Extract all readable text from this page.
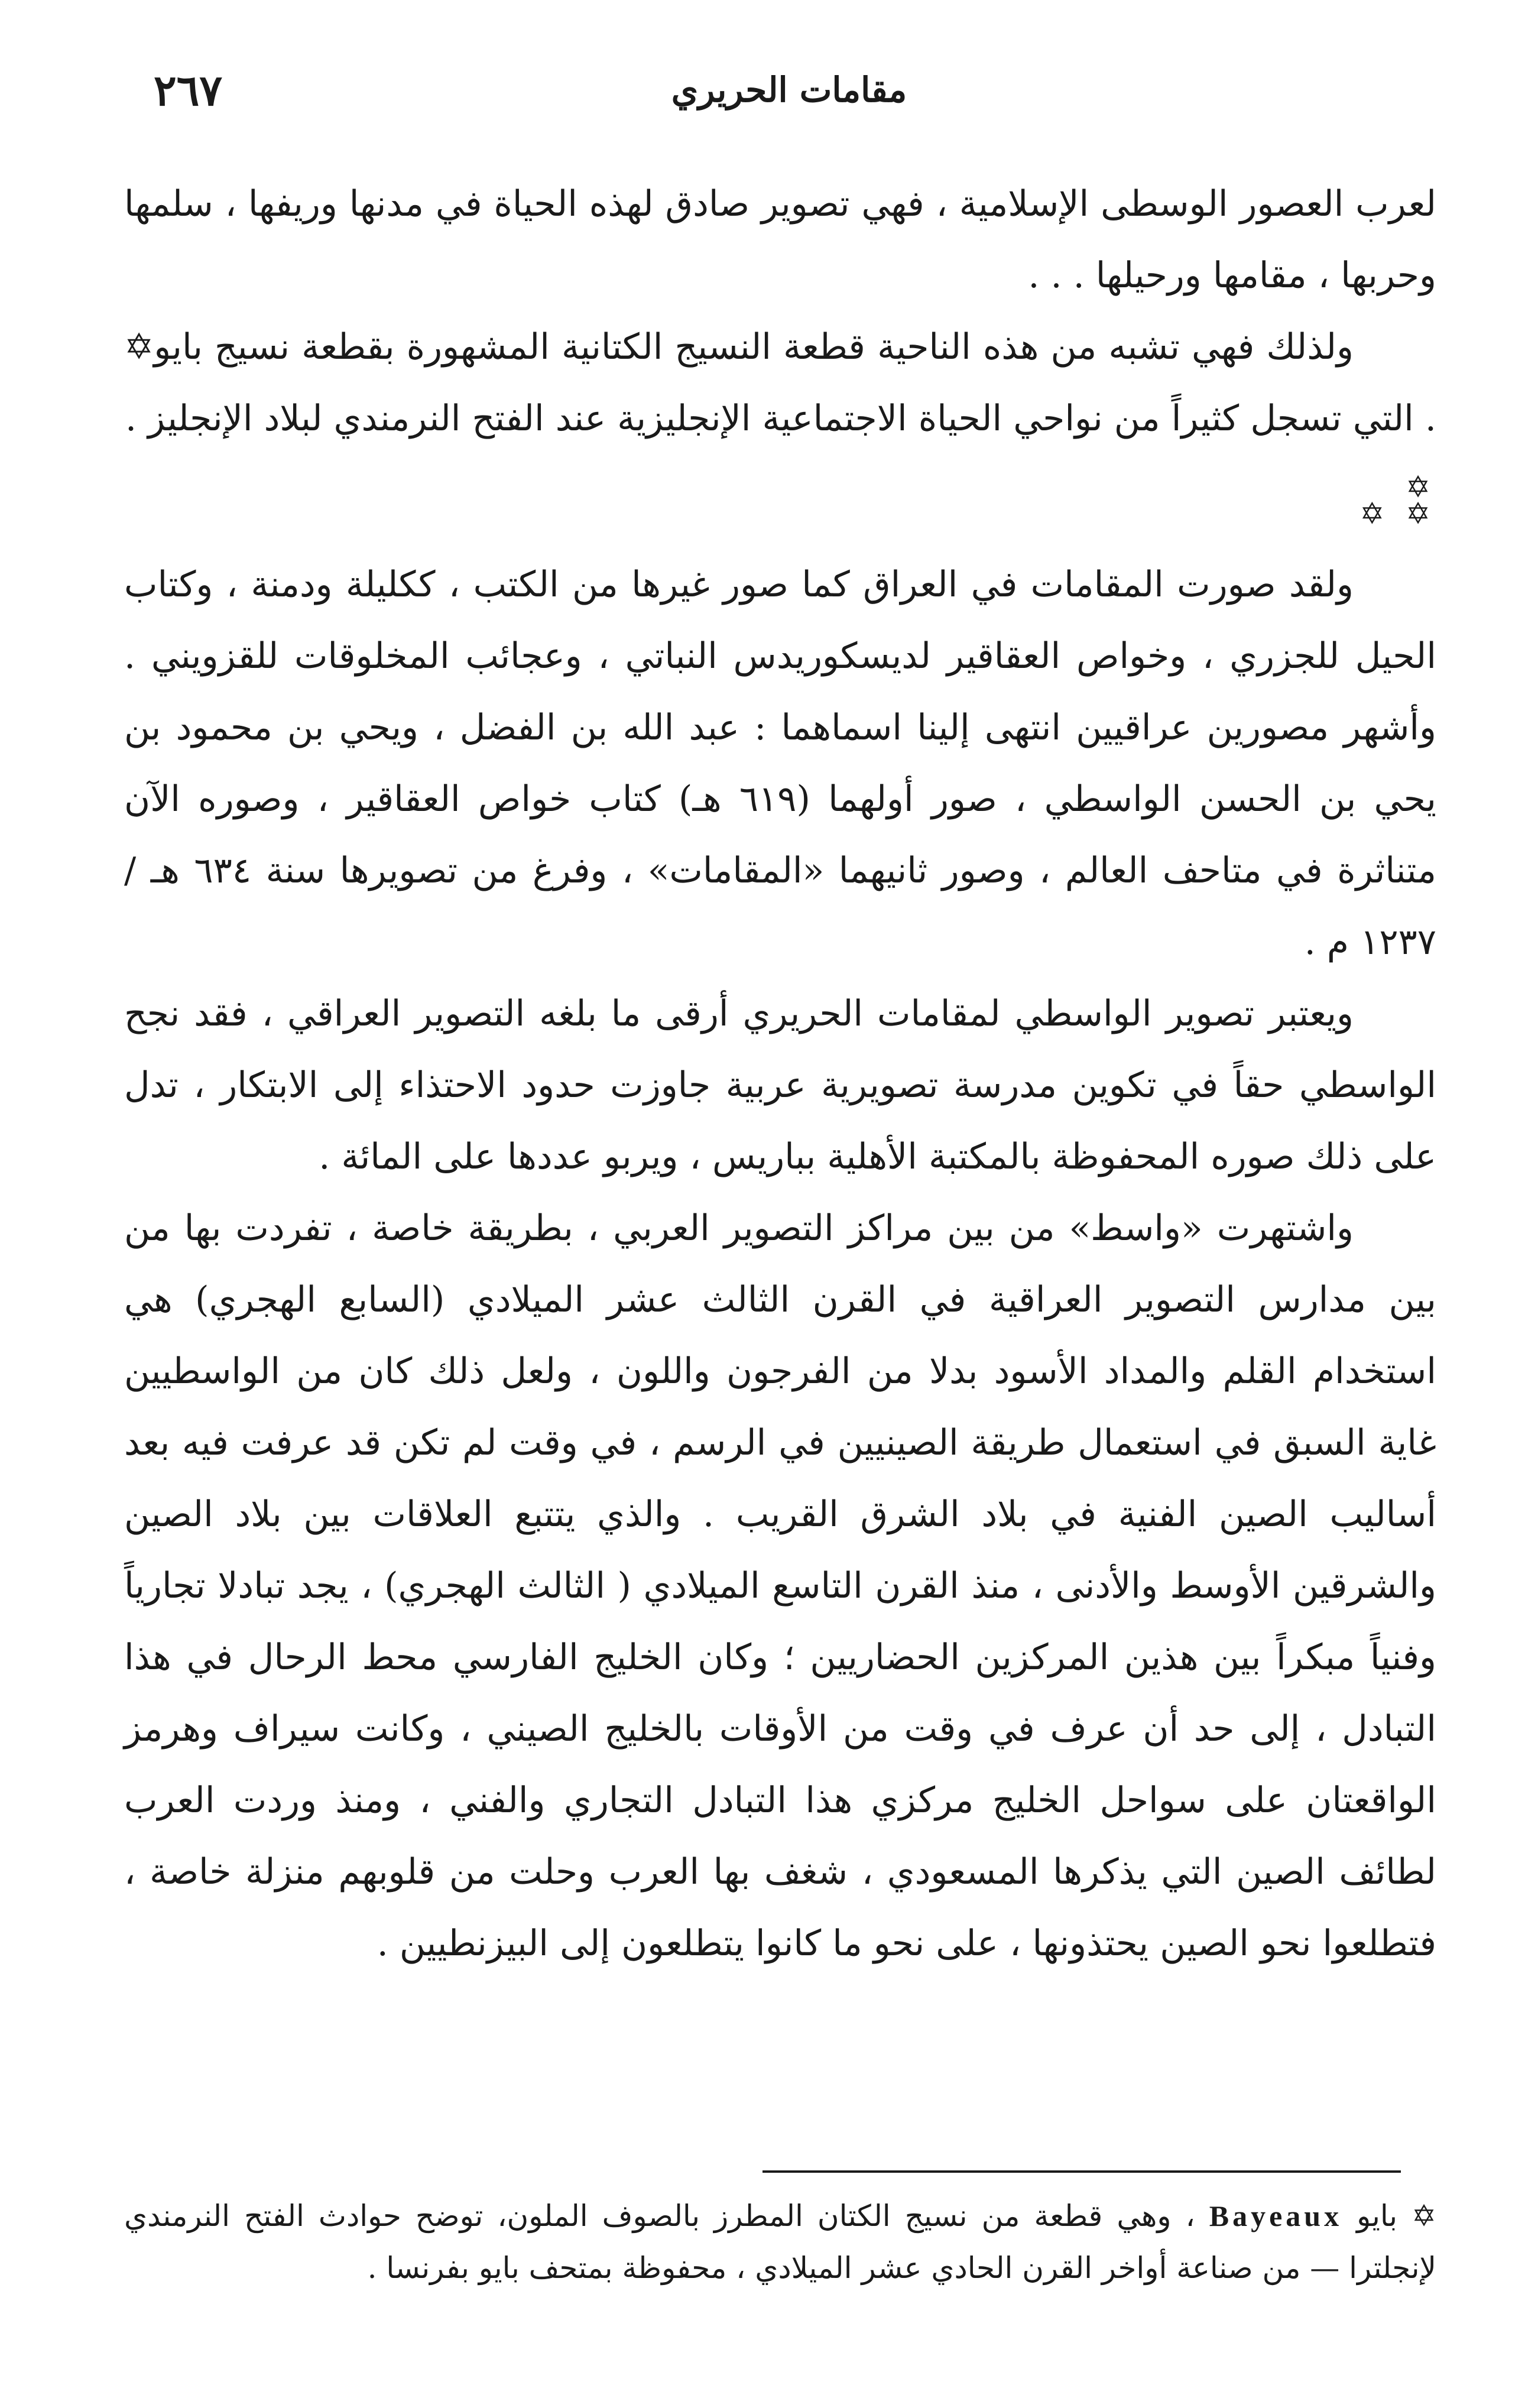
٢٦٧	مقامات الحريري

لعرب العصور الوسطى الإسلامية ، فهي تصوير صادق لهذه الحياة في مدنها وريفها ، سلمها وحربها ، مقامها ورحيلها . . .

ولذلك فهي تشبه من هذه الناحية قطعة النسيج الكتانية المشهورة بقطعة نسيج بايو✡ . التي تسجل كثيراً من نواحي الحياة الاجتماعية الإنجليزية عند الفتح النرمندي لبلاد الإنجليز .

✡
✡ ✡

ولقد صورت المقامات في العراق كما صور غيرها من الكتب ، ككليلة ودمنة ، وكتاب الحيل للجزري ، وخواص العقاقير لديسكوريدس النباتي ، وعجائب المخلوقات للقزويني . وأشهر مصورين عراقيين انتهى إلينا اسماهما : عبد الله بن الفضل ، ويحي بن محمود بن يحي بن الحسن الواسطي ، صور أولهما (٦١٩ هـ) كتاب خواص العقاقير ، وصوره الآن متناثرة في متاحف العالم ، وصور ثانيهما «المقامات» ، وفرغ من تصويرها سنة ٦٣٤ هـ / ١٢٣٧ م .

ويعتبر تصوير الواسطي لمقامات الحريري أرقى ما بلغه التصوير العراقي ، فقد نجح الواسطي حقاً في تكوين مدرسة تصويرية عربية جاوزت حدود الاحتذاء إلى الابتكار ، تدل على ذلك صوره المحفوظة بالمكتبة الأهلية بباريس ، ويربو عددها على المائة .

واشتهرت «واسط» من بين مراكز التصوير العربي ، بطريقة خاصة ، تفردت بها من بين مدارس التصوير العراقية في القرن الثالث عشر الميلادي (السابع الهجري) هي استخدام القلم والمداد الأسود بدلا من الفرجون واللون ، ولعل ذلك كان من الواسطيين غاية السبق في استعمال طريقة الصينيين في الرسم ، في وقت لم تكن قد عرفت فيه بعد أساليب الصين الفنية في بلاد الشرق القريب . والذي يتتبع العلاقات بين بلاد الصين والشرقين الأوسط والأدنى ، منذ القرن التاسع الميلادي ( الثالث الهجري) ، يجد تبادلا تجارياً وفنياً مبكراً بين هذين المركزين الحضاريين ؛ وكان الخليج الفارسي محط الرحال في هذا التبادل ، إلى حد أن عرف في وقت من الأوقات بالخليج الصيني ، وكانت سيراف وهرمز الواقعتان على سواحل الخليج مركزي هذا التبادل التجاري والفني ، ومنذ وردت العرب لطائف الصين التي يذكرها المسعودي ، شغف بها العرب وحلت من قلوبهم منزلة خاصة ، فتطلعوا نحو الصين يحتذونها ، على نحو ما كانوا يتطلعون إلى البيزنطيين .

✡ بايو Bayeaux ، وهي قطعة من نسيج الكتان المطرز بالصوف الملون، توضح حوادث الفتح النرمندي لإنجلترا — من صناعة أواخر القرن الحادي عشر الميلادي ، محفوظة بمتحف بايو بفرنسا .
